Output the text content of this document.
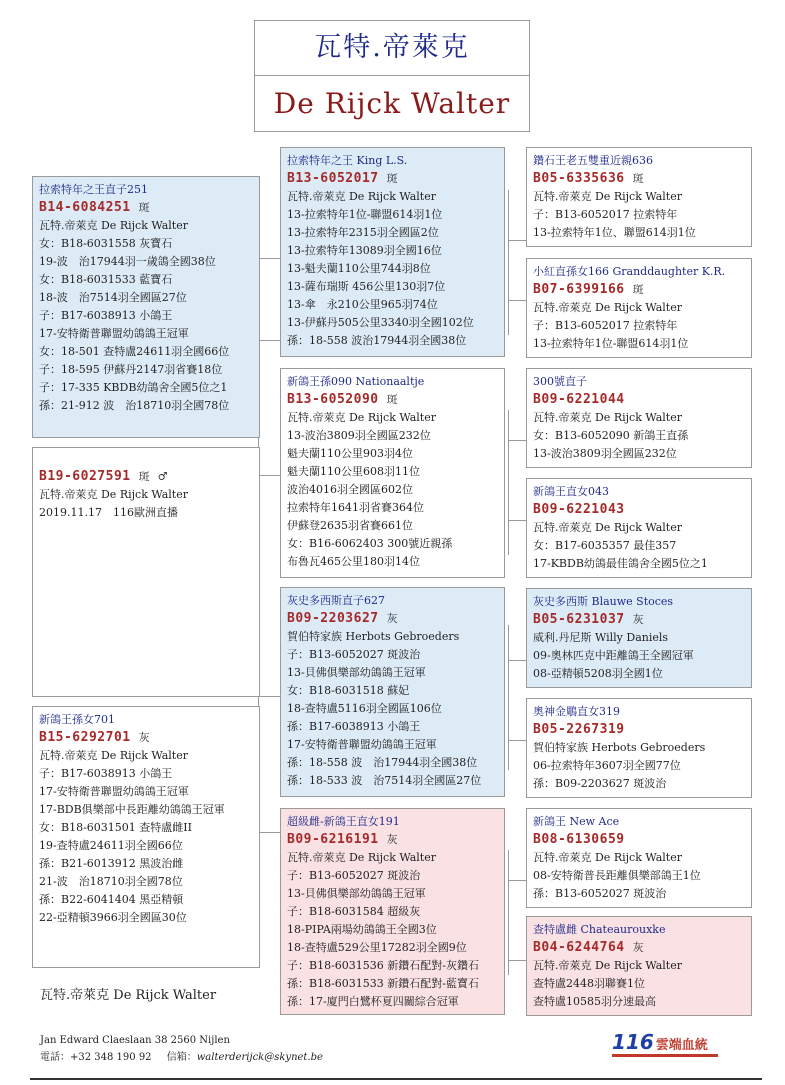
瓦特.帝萊克
De Rijck Walter
拉索特年之王直子251
B14-6084251 斑
瓦特.帝萊克 De Rijck Walter
女：B18-6031558 灰寶石
19-波　治17944羽一歲鴿全國38位
女：B18-6031533 藍寶石
18-波　治7514羽全國區27位
子：B17-6038913 小鴿王
17-安特衛普聯盟幼鴿鴿王冠軍
女：18-501 查特盧24611羽全國66位
子：18-595 伊蘇丹2147羽省賽18位
子：17-335 KBDB幼鴿舍全國5位之1
孫：21-912 波　治18710羽全國78位
B19-6027591 斑 ♂
瓦特.帝萊克 De Rijck Walter
2019.11.17　116歐洲直播
新鴿王孫女701
B15-6292701 灰
瓦特.帝萊克 De Rijck Walter
子：B17-6038913 小鴿王
17-安特衛普聯盟幼鴿鴿王冠軍
17-BDB俱樂部中長距離幼鴿鴿王冠軍
女：B18-6031501 查特盧雌II
19-查特盧24611羽全國66位
孫：B21-6013912 黑波治雌
21-波　治18710羽全國78位
孫：B22-6041404 黑亞精頓
22-亞精頓3966羽全國區30位
拉索特年之王 King L.S.
B13-6052017 斑
瓦特.帝萊克 De Rijck Walter
13-拉索特年1位-聯盟614羽1位
13-拉索特年2315羽全國區2位
13-拉索特年13089羽全國16位
13-魁夫蘭110公里744羽8位
13-薩布瑞斯 456公里130羽7位
13-傘　永210公里965羽74位
13-伊蘇丹505公里3340羽全國102位
孫：18-558 波治17944羽全國38位
新鴿王孫090 Nationaaltje
B13-6052090 斑
瓦特.帝萊克 De Rijck Walter
13-波治3809羽全國區232位
魁夫蘭110公里903羽4位
魁夫蘭110公里608羽11位
波治4016羽全國區602位
拉索特年1641羽省賽364位
伊蘇登2635羽省賽661位
女：B16-6062403 300號近親孫
布魯瓦465公里180羽14位
灰史多西斯直子627
B09-2203627 灰
賀伯特家族 Herbots Gebroeders
子：B13-6052027 斑波治
13-貝佛俱樂部幼鴿鴿王冠軍
女：B18-6031518 蘇妃
18-查特盧5116羽全國區106位
孫：B17-6038913 小鴿王
17-安特衛普聯盟幼鴿鴿王冠軍
孫：18-558 波　治17944羽全國38位
孫：18-533 波　治7514羽全國區27位
超級雌-新鴿王直女191
B09-6216191 灰
瓦特.帝萊克 De Rijck Walter
子：B13-6052027 斑波治
13-貝佛俱樂部幼鴿鴿王冠軍
子：B18-6031584 超級灰
18-PIPA兩場幼鴿鴿王全國3位
18-查特盧529公里17282羽全國9位
子：B18-6031536 新鑽石配對-灰鑽石
孫：B18-6031533 新鑽石配對-藍寶石
孫：17-廈門白鷺杯夏四關綜合冠軍
鑽石王老五雙重近親636
B05-6335636 斑
瓦特.帝萊克 De Rijck Walter
子：B13-6052017 拉索特年
13-拉索特年1位、聯盟614羽1位
小紅直孫女166 Granddaughter K.R.
B07-6399166 斑
瓦特.帝萊克 De Rijck Walter
子：B13-6052017 拉索特年
13-拉索特年1位-聯盟614羽1位
300號直子
B09-6221044
瓦特.帝萊克 De Rijck Walter
女：B13-6052090 新鴿王直孫
13-波治3809羽全國區232位
新鴿王直女043
B09-6221043
瓦特.帝萊克 De Rijck Walter
女：B17-6035357 最佳357
17-KBDB幼鴿最佳鴿舍全國5位之1
灰史多西斯 Blauwe Stoces
B05-6231037 灰
威利.丹尼斯 Willy Daniels
09-奧林匹克中距離鴿王全國冠軍
08-亞精頓5208羽全國1位
奧神金鵰直女319
B05-2267319
賀伯特家族 Herbots Gebroeders
06-拉索特年3607羽全國77位
孫：B09-2203627 斑波治
新鴿王 New Ace
B08-6130659
瓦特.帝萊克 De Rijck Walter
08-安特衛普長距離俱樂部鴿王1位
孫：B13-6052027 斑波治
查特盧雌 Chateaurouxke
B04-6244764 灰
瓦特.帝萊克 De Rijck Walter
查特盧2448羽聯賽1位
查特盧10585羽分速最高
瓦特.帝萊克 De Rijck Walter
Jan Edward Claeslaan 38 2560 Nijlen
電話：+32 348 190 92 信箱：walterderijck@skynet.be
116 雲端血統
